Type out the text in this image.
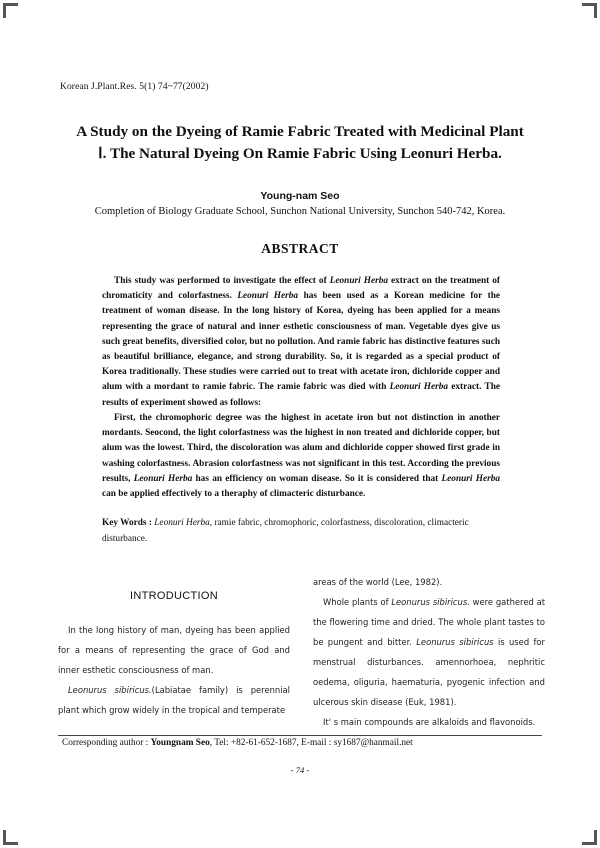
Korean J.Plant.Res. 5(1) 74~77(2002)
A Study on the Dyeing of Ramie Fabric Treated with Medicinal Plant
Ⅰ. The Natural Dyeing On Ramie Fabric Using Leonuri Herba.
Young-nam Seo
Completion of Biology Graduate School, Sunchon National University, Sunchon 540-742, Korea.
ABSTRACT

This study was performed to investigate the effect of Leonuri Herba extract on the treatment of chromaticity and colorfastness. Leonuri Herba has been used as a Korean medicine for the treatment of woman disease. In the long history of Korea, dyeing has been applied for a means representing the grace of natural and inner esthetic consciousness of man. Vegetable dyes give us such great benefits, diversified color, but no pollution. And ramie fabric has distinctive features such as beautiful brilliance, elegance, and strong durability. So, it is regarded as a special product of Korea traditionally. These studies were carried out to treat with acetate iron, dichloride copper and alum with a mordant to ramie fabric. The ramie fabric was died with Leonuri Herba extract. The results of experiment showed as follows:

First, the chromophoric degree was the highest in acetate iron but not distinction in another mordants. Seocond, the light colorfastness was the highest in non treated and dichloride copper, but alum was the lowest. Third, the discoloration was alum and dichloride copper showed first grade in washing colorfastness. Abrasion colorfastness was not significant in this test. According the previous results, Leonuri Herba has an efficiency on woman disease. So it is considered that Leonuri Herba can be applied effectively to a theraphy of climacteric disturbance.

Key Words : Leonuri Herba, ramie fabric, chromophoric, colorfastness, discoloration, climacteric disturbance.
INTRODUCTION

In the long history of man, dyeing has been applied for a means of representing the grace of God and inner esthetic consciousness of man.

Leonurus sibiricus.(Labiatae family) is perennial plant which grow widely in the tropical and temperate

areas of the world (Lee, 1982).

Whole plants of Leonurus sibiricus. were gathered at the flowering time and dried. The whole plant tastes to be pungent and bitter. Leonurus sibiricus is used for menstrual disturbances. amennorhoea, nephritic oedema, oliguria, haematuria, pyogenic infection and ulcerous skin disease (Euk, 1981).

It' s main compounds are alkaloids and flavonoids.

Corresponding author : Youngnam Seo, Tel: +82-61-652-1687, E-mail : sy1687@hanmail.net
- 74 -
